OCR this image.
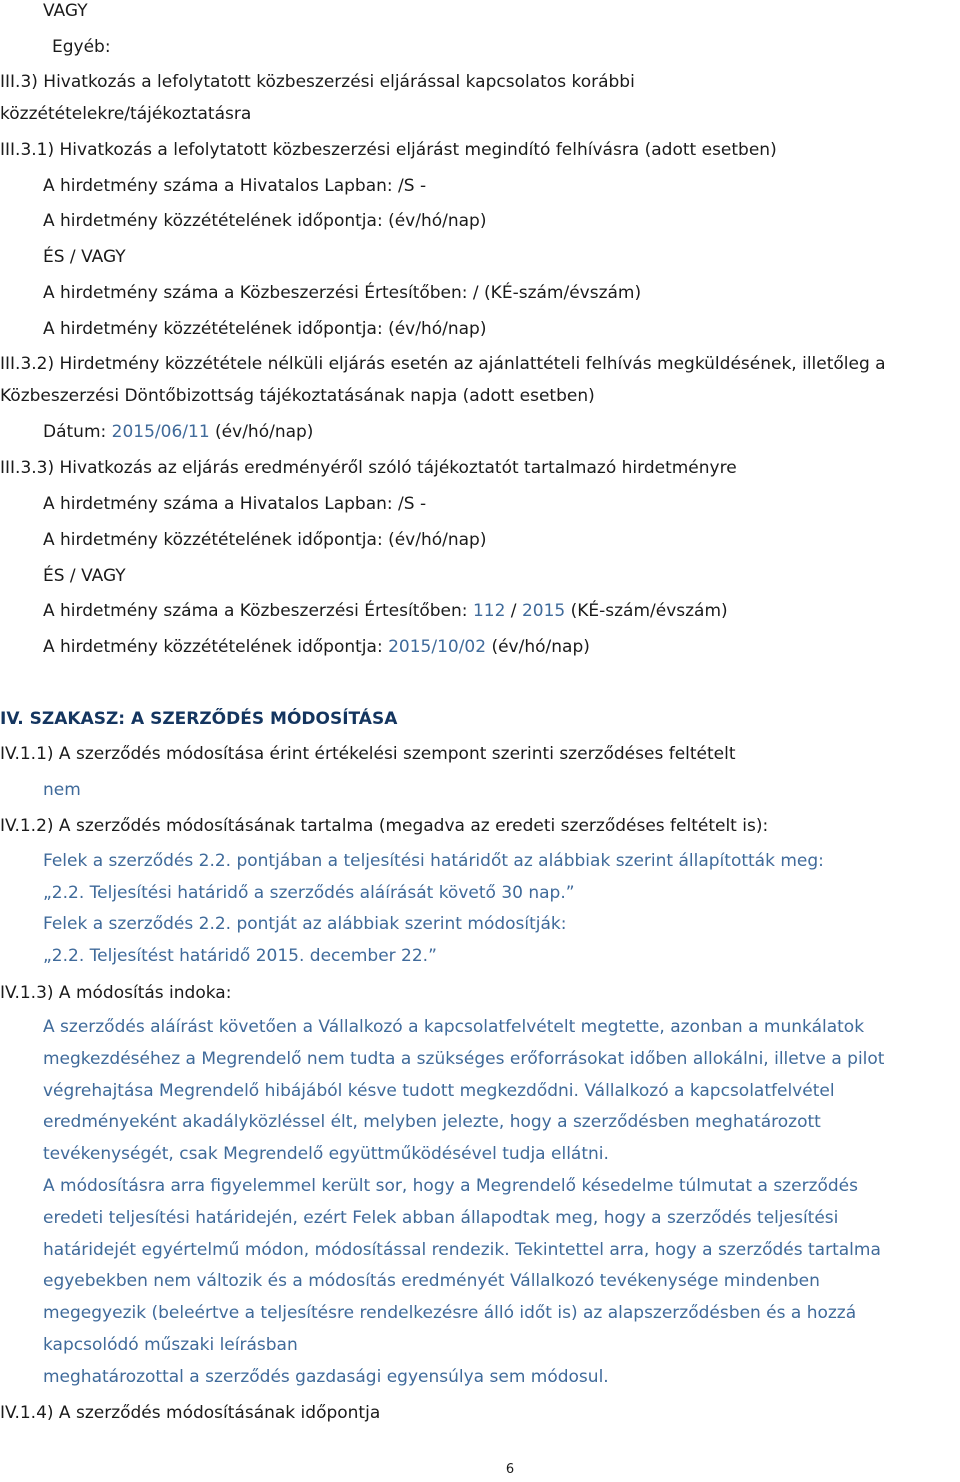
VAGY
Egyéb:
III.3) Hivatkozás a lefolytatott közbeszerzési eljárással kapcsolatos korábbi
közzétételekre/tájékoztatásra
III.3.1) Hivatkozás a lefolytatott közbeszerzési eljárást megindító felhívásra (adott esetben)
A hirdetmény száma a Hivatalos Lapban: /S -
A hirdetmény közzétételének időpontja: (év/hó/nap)
ÉS / VAGY
A hirdetmény száma a Közbeszerzési Értesítőben: / (KÉ-szám/évszám)
A hirdetmény közzétételének időpontja: (év/hó/nap)
III.3.2) Hirdetmény közzététele nélküli eljárás esetén az ajánlattételi felhívás megküldésének, illetőleg a
Közbeszerzési Döntőbizottság tájékoztatásának napja (adott esetben)
Dátum: 2015/06/11 (év/hó/nap)
III.3.3) Hivatkozás az eljárás eredményéről szóló tájékoztatót tartalmazó hirdetményre
A hirdetmény száma a Hivatalos Lapban: /S -
A hirdetmény közzétételének időpontja: (év/hó/nap)
ÉS / VAGY
A hirdetmény száma a Közbeszerzési Értesítőben: 112 / 2015 (KÉ-szám/évszám)
A hirdetmény közzétételének időpontja: 2015/10/02 (év/hó/nap)
IV. SZAKASZ: A SZERZŐDÉS MÓDOSÍTÁSA
IV.1.1) A szerződés módosítása érint értékelési szempont szerinti szerződéses feltételt
nem
IV.1.2) A szerződés módosításának tartalma (megadva az eredeti szerződéses feltételt is):
Felek a szerződés 2.2. pontjában a teljesítési határidőt az alábbiak szerint állapították meg:
„2.2. Teljesítési határidő a szerződés aláírását követő 30 nap.”
Felek a szerződés 2.2. pontját az alábbiak szerint módosítják:
„2.2. Teljesítést határidő 2015. december 22.”
IV.1.3) A módosítás indoka:
A szerződés aláírást követően a Vállalkozó a kapcsolatfelvételt megtette, azonban a munkálatok
megkezdéséhez a Megrendelő nem tudta a szükséges erőforrásokat időben allokálni, illetve a pilot
végrehajtása Megrendelő hibájából késve tudott megkezdődni. Vállalkozó a kapcsolatfelvétel
eredményeként akadályközléssel élt, melyben jelezte, hogy a szerződésben meghatározott
tevékenységét, csak Megrendelő együttműködésével tudja ellátni.
A módosításra arra figyelemmel került sor, hogy a Megrendelő késedelme túlmutat a szerződés
eredeti teljesítési határidején, ezért Felek abban állapodtak meg, hogy a szerződés teljesítési
határidejét egyértelmű módon, módosítással rendezik. Tekintettel arra, hogy a szerződés tartalma
egyebekben nem változik és a módosítás eredményét Vállalkozó tevékenysége mindenben
megegyezik (beleértve a teljesítésre rendelkezésre álló időt is) az alapszerződésben és a hozzá
kapcsolódó műszaki leírásban
meghatározottal a szerződés gazdasági egyensúlya sem módosul.
IV.1.4) A szerződés módosításának időpontja
6
